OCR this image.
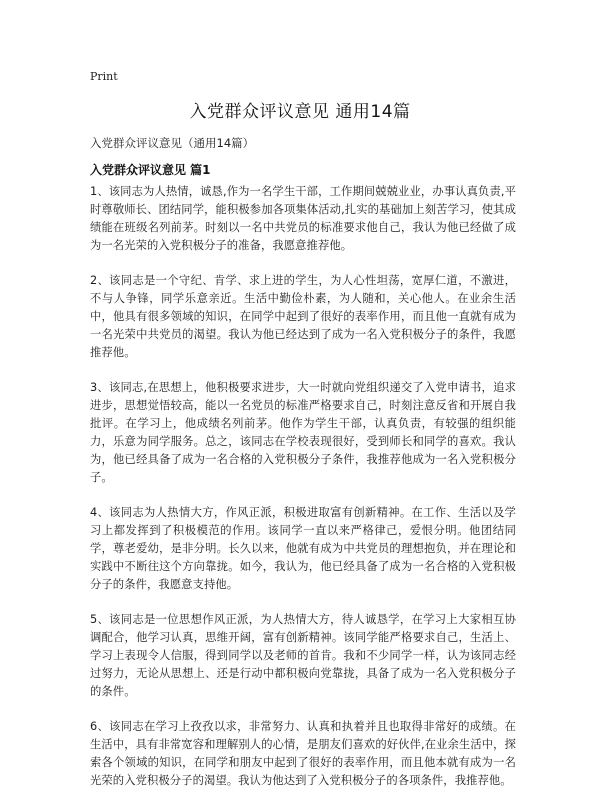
Print
入党群众评议意见 通用14篇
入党群众评议意见（通用14篇）
入党群众评议意见 篇1

1、该同志为人热情，诚恳,作为一名学生干部，工作期间兢兢业业，办事认真负责,平时尊敬师长、团结同学，能积极参加各项集体活动,扎实的基础加上刻苦学习，使其成绩能在班级名列前茅。时刻以一名中共党员的标准要求他自己，我认为他已经做了成为一名光荣的入党积极分子的准备，我愿意推荐他。

2、该同志是一个守纪、肯学、求上进的学生，为人心性坦荡，宽厚仁道，不激进，不与人争锋，同学乐意亲近。生活中勤俭朴素，为人随和，关心他人。在业余生活中，他具有很多领域的知识，在同学中起到了很好的表率作用，而且他一直就有成为一名光荣中共党员的渴望。我认为他已经达到了成为一名入党积极分子的条件，我愿推荐他。

3、该同志,在思想上，他积极要求进步，大一时就向党组织递交了入党申请书，追求进步，思想觉悟较高，能以一名党员的标准严格要求自己，时刻注意反省和开展自我批评。在学习上，他成绩名列前茅。他作为学生干部，认真负责，有较强的组织能力，乐意为同学服务。总之，该同志在学校表现很好，受到师长和同学的喜欢。我认为，他已经具备了成为一名合格的入党积极分子条件，我推荐他成为一名入党积极分子。

4、该同志为人热情大方，作风正派，积极进取富有创新精神。在工作、生活以及学习上都发挥到了积极模范的作用。该同学一直以来严格律己，爱恨分明。他团结同学，尊老爱幼，是非分明。长久以来，他就有成为中共党员的理想抱负，并在理论和实践中不断往这个方向靠拢。如今，我认为，他已经具备了成为一名合格的入党积极分子的条件，我愿意支持他。

5、该同志是一位思想作风正派，为人热情大方，待人诚恳学，在学习上大家相互协调配合，他学习认真，思维开阔，富有创新精神。该同学能严格要求自己，生活上、学习上表现令人信服，得到同学以及老师的首肯。我和不少同学一样，认为该同志经过努力，无论从思想上、还是行动中都积极向党靠拢，具备了成为一名入党积极分子的条件。

6、该同志在学习上孜孜以求，非常努力、认真和执着并且也取得非常好的成绩。在生活中，具有非常宽容和理解别人的心情，是朋友们喜欢的好伙伴,在业余生活中，探索各个领域的知识，在同学和朋友中起到了很好的表率作用，而且他本就有成为一名光荣的入党积极分子的渴望。我认为他达到了入党积极分子的各项条件，我推荐他。
